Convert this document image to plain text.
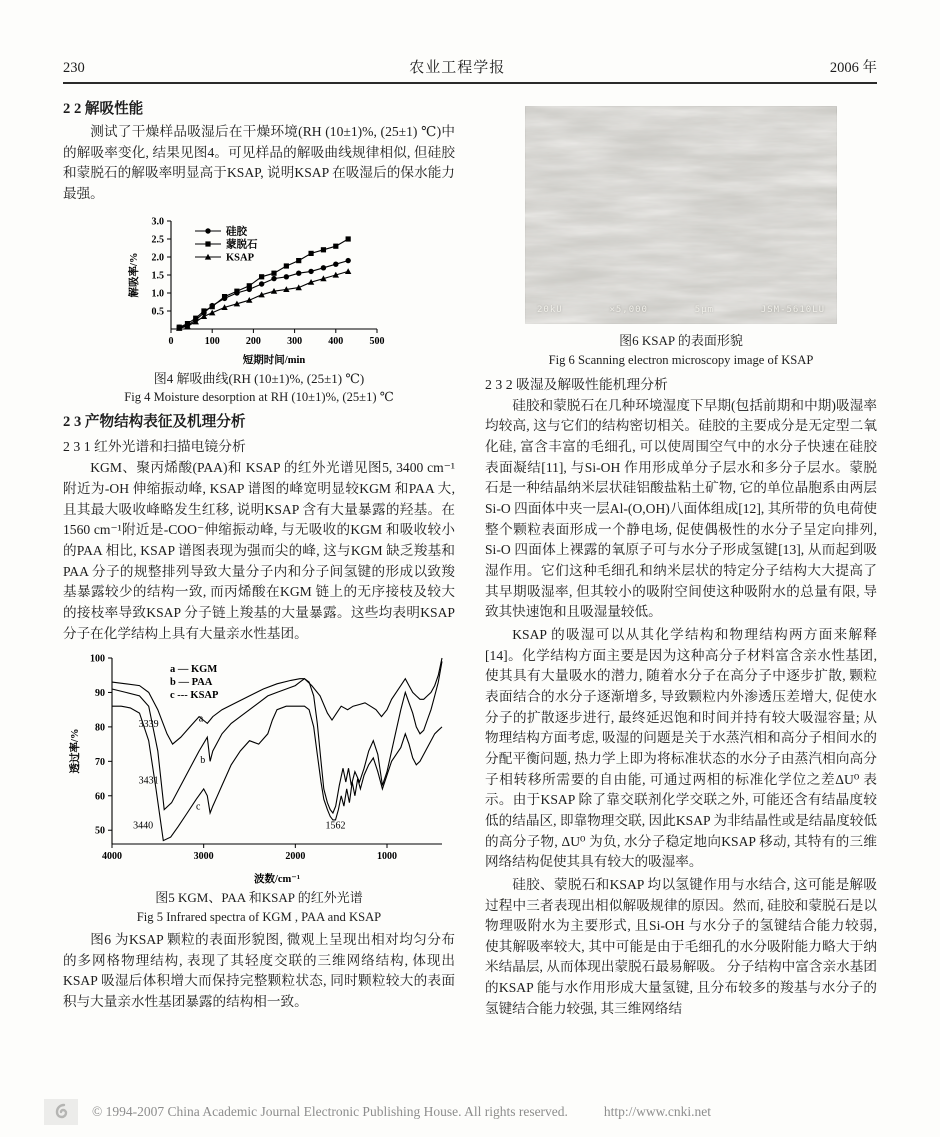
230	农业工程学报	2006 年
2 2 解吸性能

测试了干燥样品吸湿后在干燥环境(RH (10±1)%, (25±1) ℃)中的解吸率变化, 结果见图4。可见样品的解吸曲线规律相似, 但硅胶和蒙脱石的解吸率明显高于KSAP, 说明KSAP 在吸湿后的保水能力最强。

0	100	200	300	400	500
0.5
1.0
1.5
2.0
2.5
3.0
短期时间/min
解吸率/%
硅胶
蒙脱石
KSAP
图4 解吸曲线(RH (10±1)%, (25±1) ℃)
Fig 4 Moisture desorption at RH (10±1)%, (25±1) ℃
2 3 产物结构表征及机理分析
2 3 1 红外光谱和扫描电镜分析

KGM、聚丙烯酸(PAA)和 KSAP 的红外光谱见图5, 3400 cm⁻¹附近为-OH 伸缩振动峰, KSAP 谱图的峰宽明显较KGM 和PAA 大, 且其最大吸收峰略发生红移, 说明KSAP 含有大量暴露的羟基。在1560 cm⁻¹附近是-COO⁻伸缩振动峰, 与无吸收的KGM 和吸收较小的PAA 相比, KSAP 谱图表现为强而尖的峰, 这与KGM 缺乏羧基和PAA 分子的规整排列导致大量分子内和分子间氢键的形成以致羧基暴露较少的结构一致, 而丙烯酸在KGM 链上的无序接枝及较大的接枝率导致KSAP 分子链上羧基的大量暴露。这些均表明KSAP 分子在化学结构上具有大量亲水性基团。

4000	3000	2000	1000
50
60
70
80
90
100
波数/cm⁻¹
透过率/%
a — KGM
b — PAA
c --- KSAP
3339
3431
3440	1562
a
b
c
图5 KGM、PAA 和KSAP 的红外光谱
Fig 5 Infrared spectra of KGM , PAA and KSAP

图6 为KSAP 颗粒的表面形貌图, 微观上呈现出相对均匀分布的多网格物理结构, 表现了其轻度交联的三维网络结构, 体现出KSAP 吸湿后体积增大而保持完整颗粒状态, 同时颗粒较大的表面积与大量亲水性基团暴露的结构相一致。

20kU	×5,000	5μm	JSM-5610LU
图6 KSAP 的表面形貌
Fig 6 Scanning electron microscopy image of KSAP
2 3 2 吸湿及解吸性能机理分析

硅胶和蒙脱石在几种环境湿度下早期(包括前期和中期)吸湿率均较高, 这与它们的结构密切相关。硅胶的主要成分是无定型二氧化硅, 富含丰富的毛细孔, 可以使周围空气中的水分子快速在硅胶表面凝结[11], 与Si-OH 作用形成单分子层水和多分子层水。蒙脱石是一种结晶纳米层状硅铝酸盐粘土矿物, 它的单位晶胞系由两层Si-O 四面体中夹一层Al-(O,OH)八面体组成[12], 其所带的负电荷使整个颗粒表面形成一个静电场, 促使偶极性的水分子呈定向排列, Si-O 四面体上裸露的氧原子可与水分子形成氢键[13], 从而起到吸湿作用。它们这种毛细孔和纳米层状的特定分子结构大大提高了其早期吸湿率, 但其较小的吸附空间使这种吸附水的总量有限, 导致其快速饱和且吸湿量较低。

KSAP 的吸湿可以从其化学结构和物理结构两方面来解释[14]。化学结构方面主要是因为这种高分子材料富含亲水性基团, 使其具有大量吸水的潜力, 随着水分子在高分子中逐步扩散, 颗粒表面结合的水分子逐渐增多, 导致颗粒内外渗透压差增大, 促使水分子的扩散逐步进行, 最终延迟饱和时间并持有较大吸湿容量; 从物理结构方面考虑, 吸湿的问题是关于水蒸汽相和高分子相间水的分配平衡问题, 热力学上即为将标准状态的水分子由蒸汽相向高分子相转移所需要的自由能, 可通过两相的标准化学位之差ΔU⁰ 表示。由于KSAP 除了靠交联剂化学交联之外, 可能还含有结晶度较低的结晶区, 即靠物理交联, 因此KSAP 为非结晶性或是结晶度较低的高分子物, ΔU⁰ 为负, 水分子稳定地向KSAP 移动, 其特有的三维网络结构促使其具有较大的吸湿率。

硅胶、蒙脱石和KSAP 均以氢键作用与水结合, 这可能是解吸过程中三者表现出相似解吸规律的原因。然而, 硅胶和蒙脱石是以物理吸附水为主要形式, 且Si-OH 与水分子的氢键结合能力较弱, 使其解吸率较大, 其中可能是由于毛细孔的水分吸附能力略大于纳米结晶层, 从而体现出蒙脱石最易解吸。 分子结构中富含亲水基团的KSAP 能与水作用形成大量氢键, 且分布较多的羧基与水分子的氢键结合能力较强, 其三维网络结

© 1994-2007 China Academic Journal Electronic Publishing House. All rights reserved.	http://www.cnki.net
